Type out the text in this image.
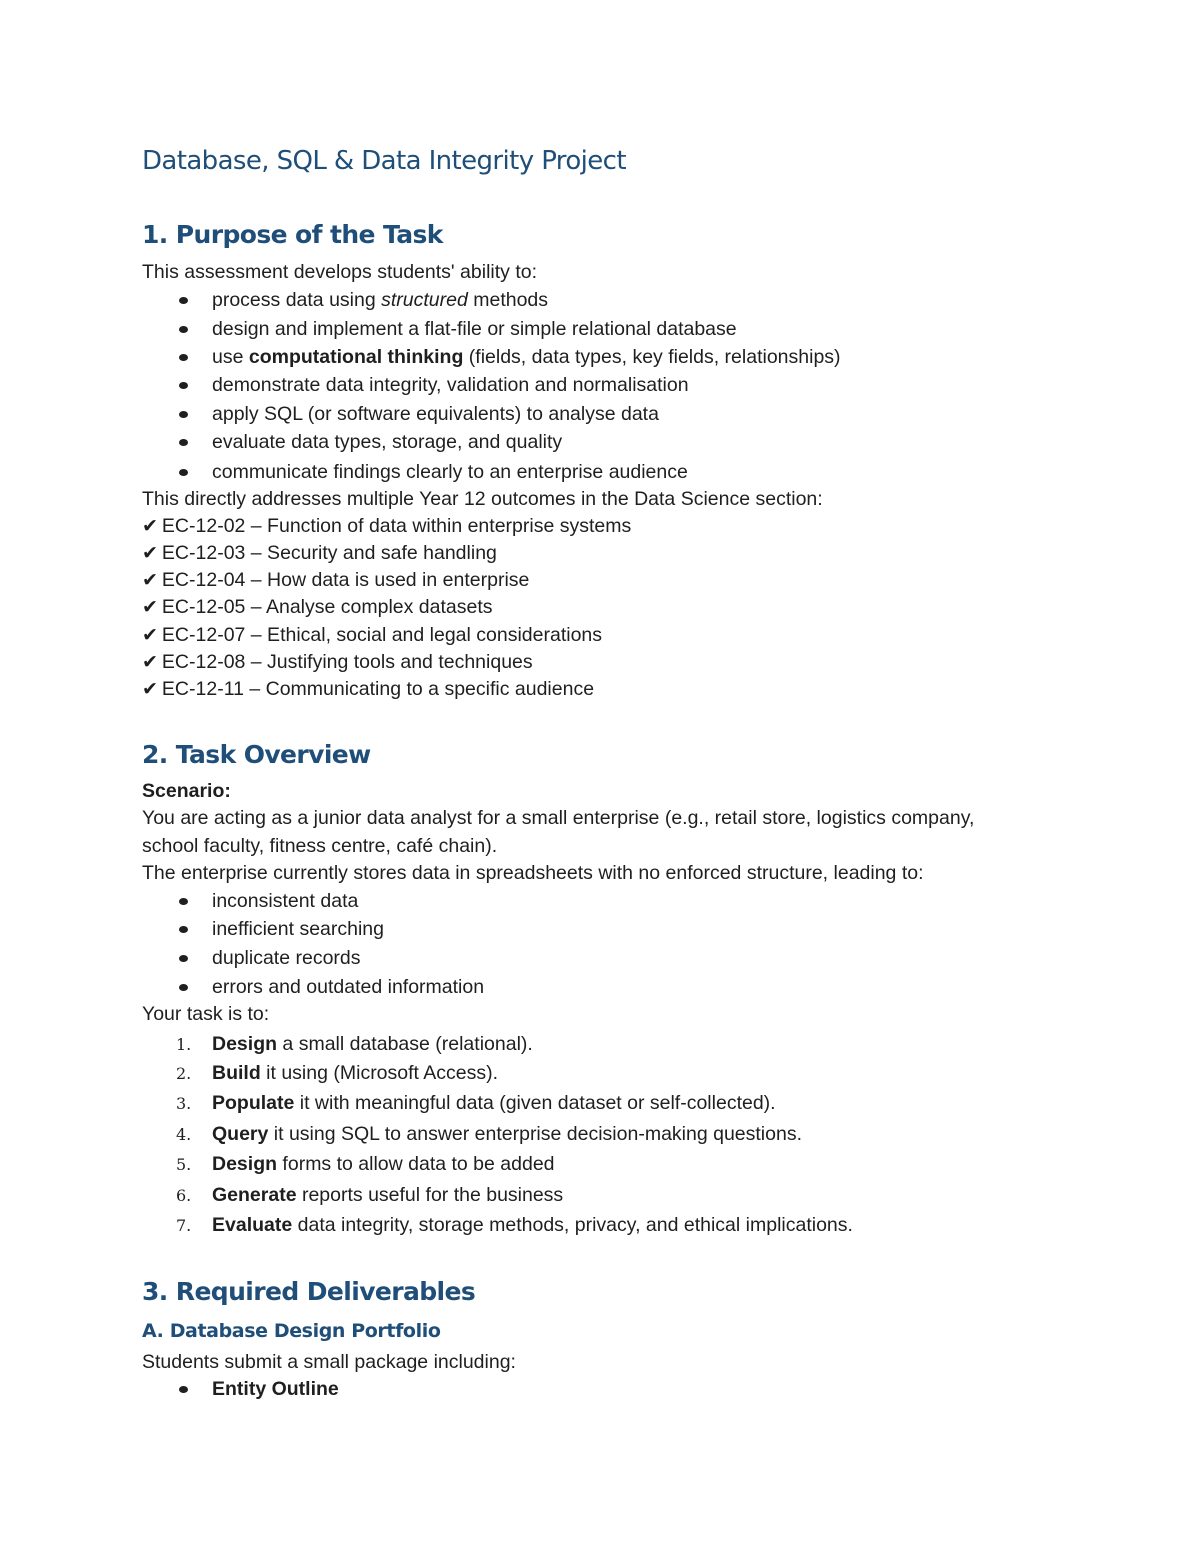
Database, SQL & Data Integrity Project
1. Purpose of the Task

This assessment develops students' ability to:

process data using structured methods
design and implement a flat-file or simple relational database
use computational thinking (fields, data types, key fields, relationships)
demonstrate data integrity, validation and normalisation
apply SQL (or software equivalents) to analyse data
evaluate data types, storage, and quality
communicate findings clearly to an enterprise audience

This directly addresses multiple Year 12 outcomes in the Data Science section:

✔ EC-12-02 – Function of data within enterprise systems

✔ EC-12-03 – Security and safe handling

✔ EC-12-04 – How data is used in enterprise

✔ EC-12-05 – Analyse complex datasets

✔ EC-12-07 – Ethical, social and legal considerations

✔ EC-12-08 – Justifying tools and techniques

✔ EC-12-11 – Communicating to a specific audience

2. Task Overview

Scenario:

You are acting as a junior data analyst for a small enterprise (e.g., retail store, logistics company,

school faculty, fitness centre, café chain).

The enterprise currently stores data in spreadsheets with no enforced structure, leading to:

inconsistent data
inefficient searching
duplicate records
errors and outdated information

Your task is to:

1. Design a small database (relational).
2. Build it using (Microsoft Access).
3. Populate it with meaningful data (given dataset or self-collected).
4. Query it using SQL to answer enterprise decision-making questions.
5. Design forms to allow data to be added
6. Generate reports useful for the business
7. Evaluate data integrity, storage methods, privacy, and ethical implications.
3. Required Deliverables
A. Database Design Portfolio

Students submit a small package including:

Entity Outline
